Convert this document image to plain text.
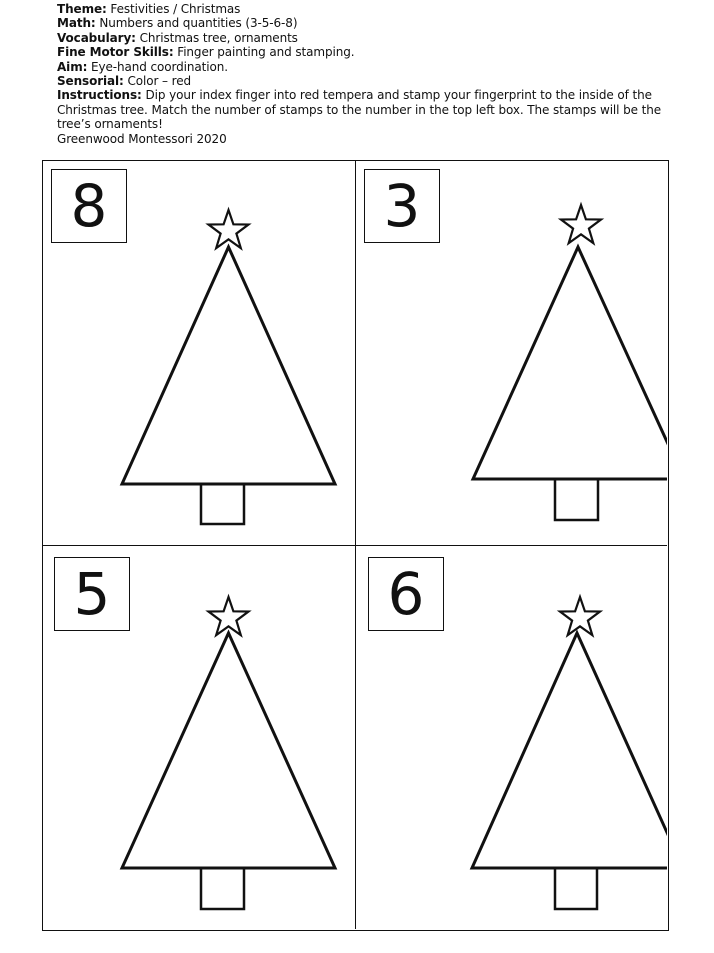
Theme: Festivities / Christmas

Math: Numbers and quantities (3-5-6-8)

Vocabulary: Christmas tree, ornaments

Fine Motor Skills: Finger painting and stamping.

Aim: Eye-hand coordination.

Sensorial: Color – red

Instructions: Dip your index finger into red tempera and stamp your fingerprint to the inside of the Christmas tree. Match the number of stamps to the number in the top left box. The stamps will be the tree’s ornaments!

Greenwood Montessori 2020

8	3
5	6
